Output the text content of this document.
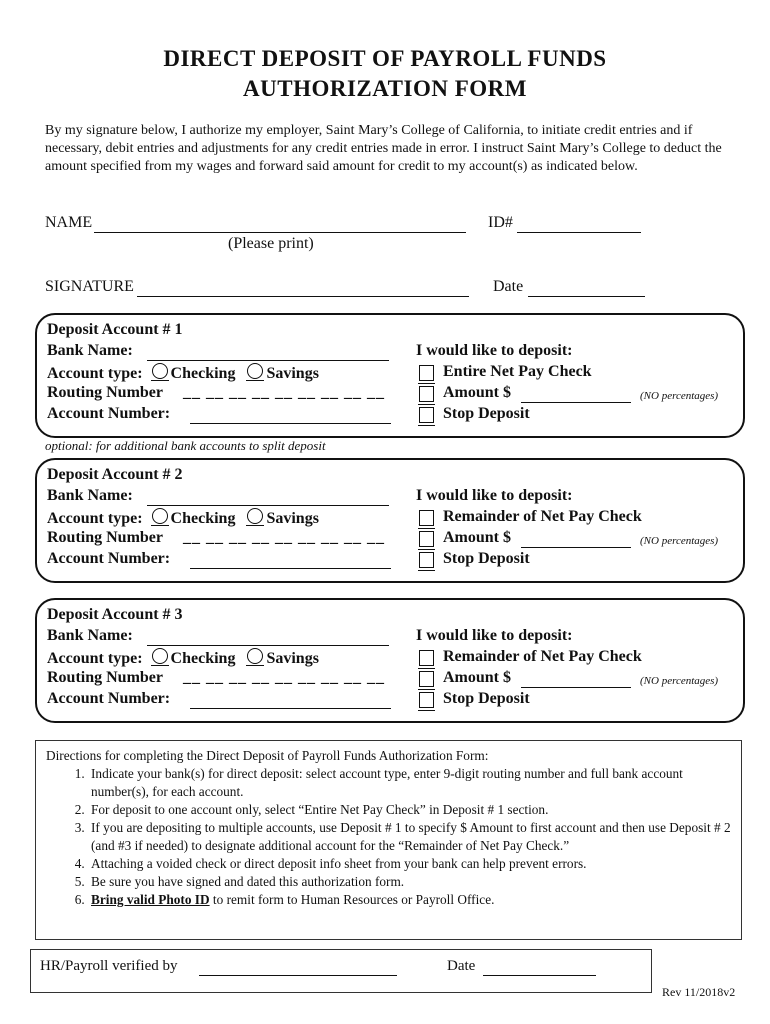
DIRECT DEPOSIT OF PAYROLL FUNDS
AUTHORIZATION FORM
By my signature below, I authorize my employer, Saint Mary’s College of California, to initiate credit entries and if necessary, debit entries and adjustments for any credit entries made in error. I instruct Saint Mary’s College to deduct the amount specified from my wages and forward said amount for credit to my account(s) as indicated below.
NAME
(Please print)
ID#
SIGNATURE	Date
Deposit Account # 1
Bank Name:
Account type: Checking Savings
Routing Number __ __ __ __ __ __ __ __ __
Account Number:
I would like to deposit:
Entire Net Pay Check
Amount $	(NO percentages)
Stop Deposit
Deposit Account # 2
Bank Name:
Account type: Checking Savings
Routing Number __ __ __ __ __ __ __ __ __
Account Number:
I would like to deposit:
Remainder of Net Pay Check
Amount $	(NO percentages)
Stop Deposit
Deposit Account # 3
Bank Name:
Account type: Checking Savings
Routing Number __ __ __ __ __ __ __ __ __
Account Number:
I would like to deposit:
Remainder of Net Pay Check
Amount $	(NO percentages)
Stop Deposit
optional: for additional bank accounts to split deposit
Directions for completing the Direct Deposit of Payroll Funds Authorization Form:
1. Indicate your bank(s) for direct deposit: select account type, enter 9-digit routing number and full bank account number(s), for each account.
2. For deposit to one account only, select “Entire Net Pay Check” in Deposit # 1 section.
3. If you are depositing to multiple accounts, use Deposit # 1 to specify $ Amount to first account and then use Deposit # 2 (and #3 if needed) to designate additional account for the “Remainder of Net Pay Check.”
4. Attaching a voided check or direct deposit info sheet from your bank can help prevent errors.
5. Be sure you have signed and dated this authorization form.
6. Bring valid Photo ID to remit form to Human Resources or Payroll Office.
HR/Payroll verified by	Date
Rev 11/2018v2
